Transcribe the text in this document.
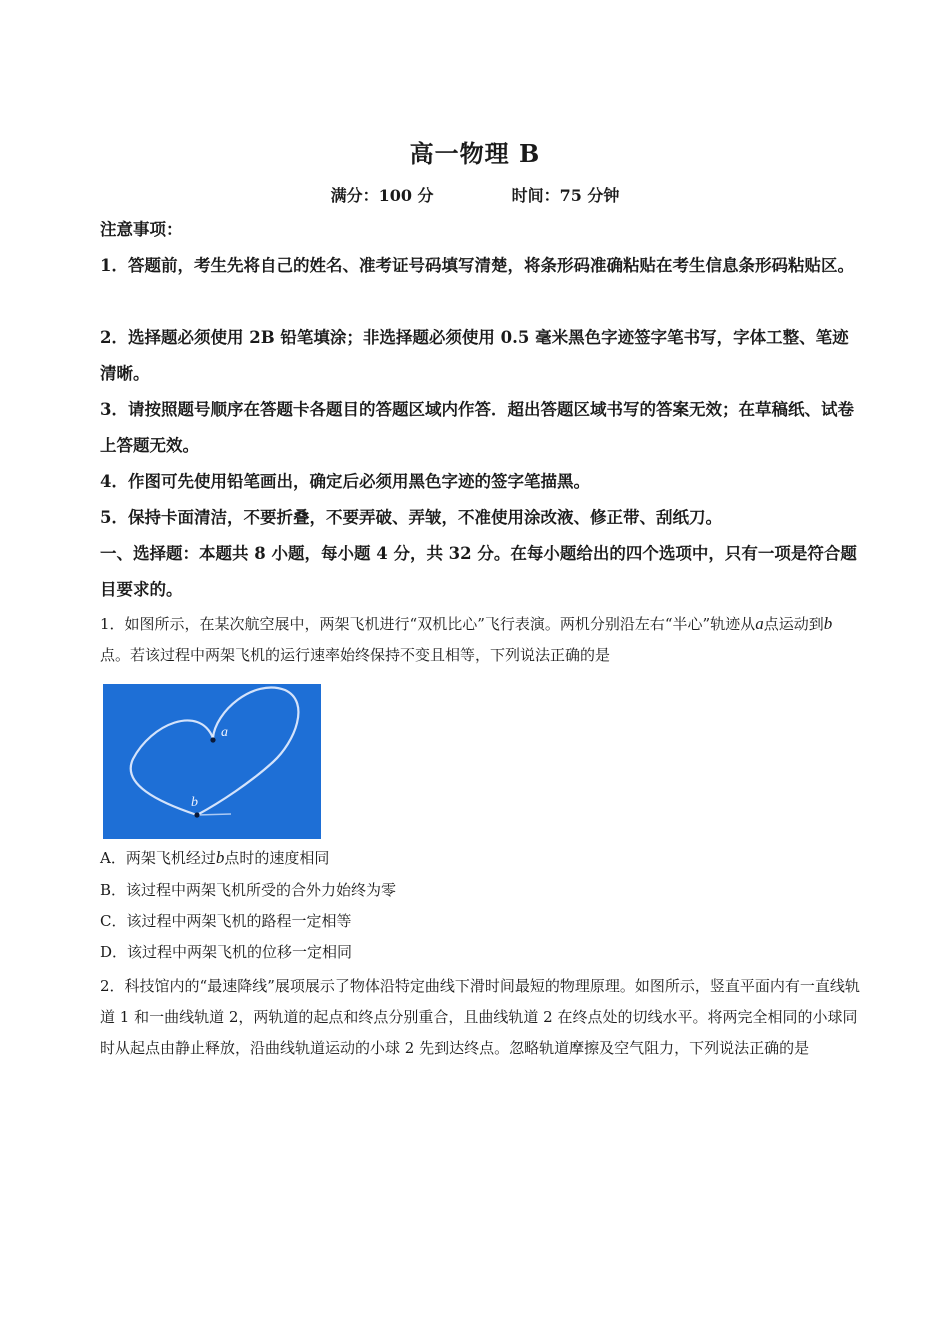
高一物理 B
满分：100 分	时间：75 分钟
注意事项：
1．答题前，考生先将自己的姓名、准考证号码填写清楚，将条形码准确粘贴在考生信息条形码粘贴区。
2．选择题必须使用 2B 铅笔填涂；非选择题必须使用 0.5 毫米黑色字迹签字笔书写，字体工整、笔迹清晰。
3．请按照题号顺序在答题卡各题目的答题区域内作答．超出答题区域书写的答案无效；在草稿纸、试卷上答题无效。
4．作图可先使用铅笔画出，确定后必须用黑色字迹的签字笔描黑。
5．保持卡面清洁，不要折叠，不要弄破、弄皱，不准使用涂改液、修正带、刮纸刀。
一、选择题：本题共 8 小题，每小题 4 分，共 32 分。在每小题给出的四个选项中，只有一项是符合题目要求的。
1．如图所示，在某次航空展中，两架飞机进行“双机比心”飞行表演。两机分别沿左右“半心”轨迹从a点运动到b点。若该过程中两架飞机的运行速率始终保持不变且相等，下列说法正确的是
a
b
A．两架飞机经过b点时的速度相同
B．该过程中两架飞机所受的合外力始终为零
C．该过程中两架飞机的路程一定相等
D．该过程中两架飞机的位移一定相同
2．科技馆内的“最速降线”展项展示了物体沿特定曲线下滑时间最短的物理原理。如图所示，竖直平面内有一直线轨道 1 和一曲线轨道 2，两轨道的起点和终点分别重合，且曲线轨道 2 在终点处的切线水平。将两完全相同的小球同时从起点由静止释放，沿曲线轨道运动的小球 2 先到达终点。忽略轨道摩擦及空气阻力，下列说法正确的是
